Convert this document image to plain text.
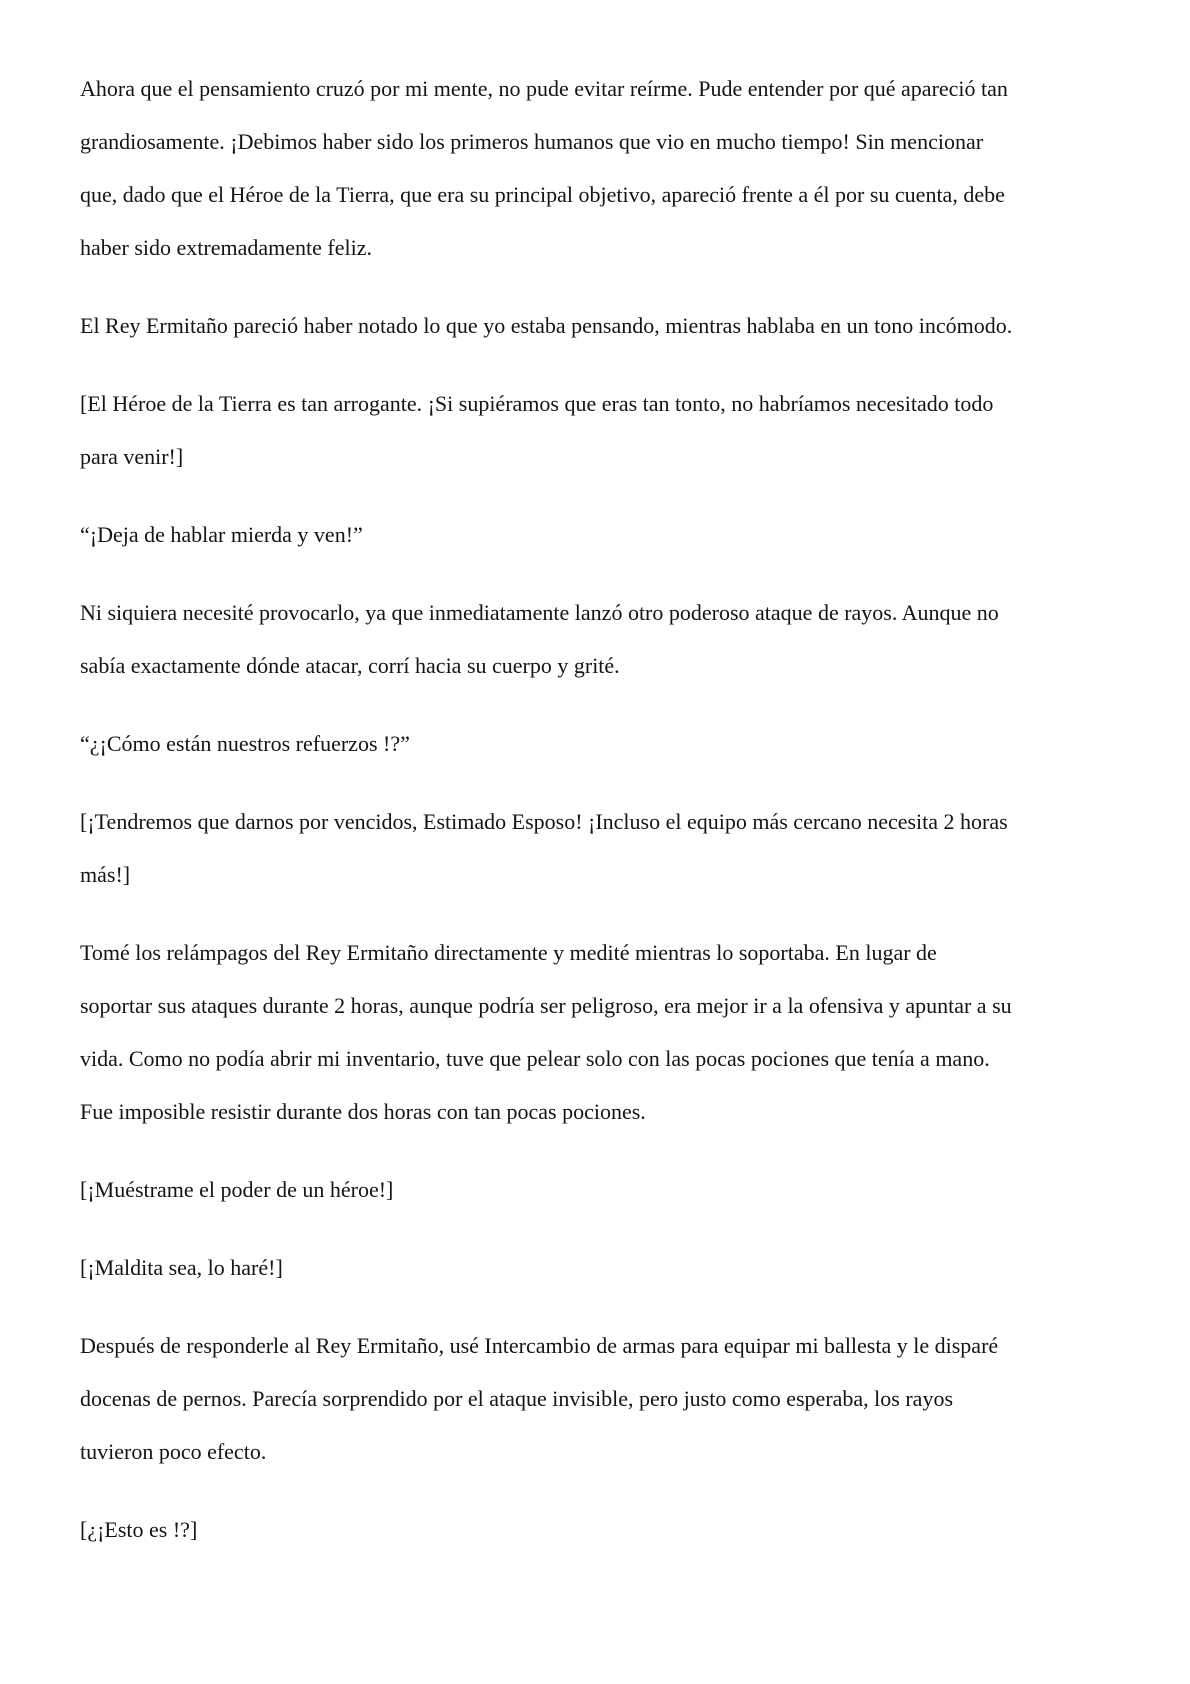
Ahora que el pensamiento cruzó por mi mente, no pude evitar reírme. Pude entender por qué apareció tan
grandiosamente. ¡Debimos haber sido los primeros humanos que vio en mucho tiempo! Sin mencionar
que, dado que el Héroe de la Tierra, que era su principal objetivo, apareció frente a él por su cuenta, debe
haber sido extremadamente feliz.
El Rey Ermitaño pareció haber notado lo que yo estaba pensando, mientras hablaba en un tono incómodo.
[El Héroe de la Tierra es tan arrogante. ¡Si supiéramos que eras tan tonto, no habríamos necesitado todo
para venir!]
“¡Deja de hablar mierda y ven!”
Ni siquiera necesité provocarlo, ya que inmediatamente lanzó otro poderoso ataque de rayos. Aunque no
sabía exactamente dónde atacar, corrí hacia su cuerpo y grité.
“¿¡Cómo están nuestros refuerzos !?”
[¡Tendremos que darnos por vencidos, Estimado Esposo! ¡Incluso el equipo más cercano necesita 2 horas
más!]
Tomé los relámpagos del Rey Ermitaño directamente y medité mientras lo soportaba. En lugar de
soportar sus ataques durante 2 horas, aunque podría ser peligroso, era mejor ir a la ofensiva y apuntar a su
vida. Como no podía abrir mi inventario, tuve que pelear solo con las pocas pociones que tenía a mano.
Fue imposible resistir durante dos horas con tan pocas pociones.
[¡Muéstrame el poder de un héroe!]
[¡Maldita sea, lo haré!]
Después de responderle al Rey Ermitaño, usé Intercambio de armas para equipar mi ballesta y le disparé
docenas de pernos. Parecía sorprendido por el ataque invisible, pero justo como esperaba, los rayos
tuvieron poco efecto.
[¿¡Esto es !?]
